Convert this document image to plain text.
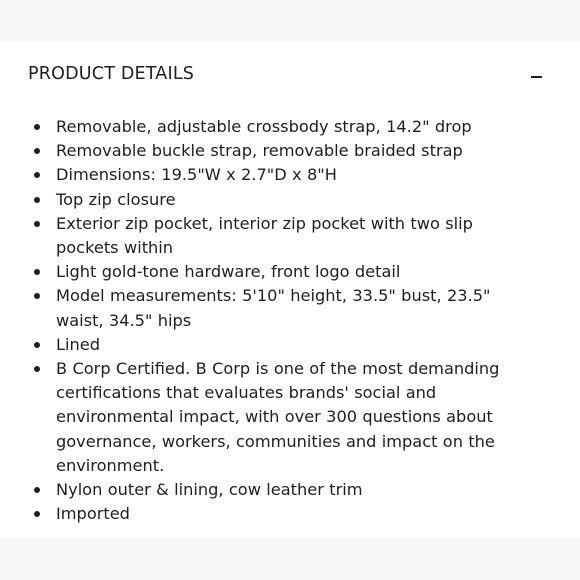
PRODUCT DETAILS
Removable, adjustable crossbody strap, 14.2" drop
Removable buckle strap, removable braided strap
Dimensions: 19.5"W x 2.7"D x 8"H
Top zip closure
Exterior zip pocket, interior zip pocket with two slip pockets within
Light gold-tone hardware, front logo detail
Model measurements: 5'10" height, 33.5" bust, 23.5" waist, 34.5" hips
Lined
B Corp Certified. B Corp is one of the most demanding certifications that evaluates brands' social and environmental impact, with over 300 questions about governance, workers, communities and impact on the environment.
Nylon outer & lining, cow leather trim
Imported
